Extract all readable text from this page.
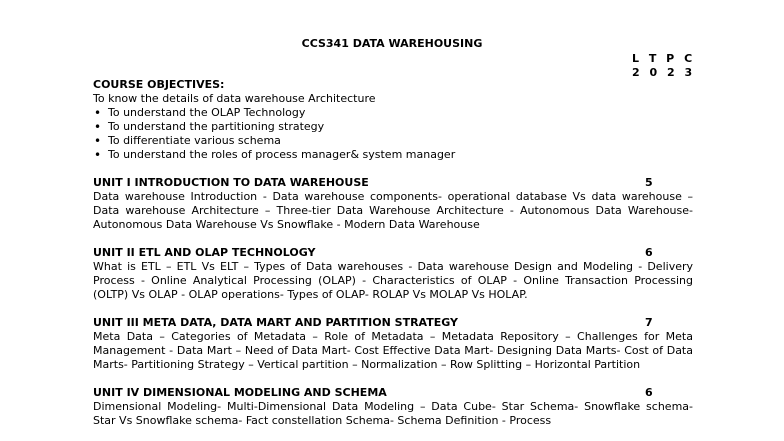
CCS341 DATA WAREHOUSING
L T P C
2 0 2 3
COURSE OBJECTIVES:

To know the details of data warehouse Architecture

• To understand the OLAP Technology
• To understand the partitioning strategy
• To differentiate various schema
• To understand the roles of process manager& system manager
UNIT I INTRODUCTION TO DATA WAREHOUSE	5

Data warehouse Introduction - Data warehouse components- operational database Vs data warehouse – Data warehouse Architecture – Three-tier Data Warehouse Architecture - Autonomous Data Warehouse- Autonomous Data Warehouse Vs Snowflake - Modern Data Warehouse

UNIT II ETL AND OLAP TECHNOLOGY	6

What is ETL – ETL Vs ELT – Types of Data warehouses - Data warehouse Design and Modeling - Delivery Process - Online Analytical Processing (OLAP) - Characteristics of OLAP - Online Transaction Processing (OLTP) Vs OLAP - OLAP operations- Types of OLAP- ROLAP Vs MOLAP Vs HOLAP.

UNIT III META DATA, DATA MART AND PARTITION STRATEGY	7

Meta Data – Categories of Metadata – Role of Metadata – Metadata Repository – Challenges for Meta Management - Data Mart – Need of Data Mart- Cost Effective Data Mart- Designing Data Marts- Cost of Data Marts- Partitioning Strategy – Vertical partition – Normalization – Row Splitting – Horizontal Partition

UNIT IV DIMENSIONAL MODELING AND SCHEMA	6

Dimensional Modeling- Multi-Dimensional Data Modeling – Data Cube- Star Schema- Snowflake schema- Star Vs Snowflake schema- Fact constellation Schema- Schema Definition - Process
